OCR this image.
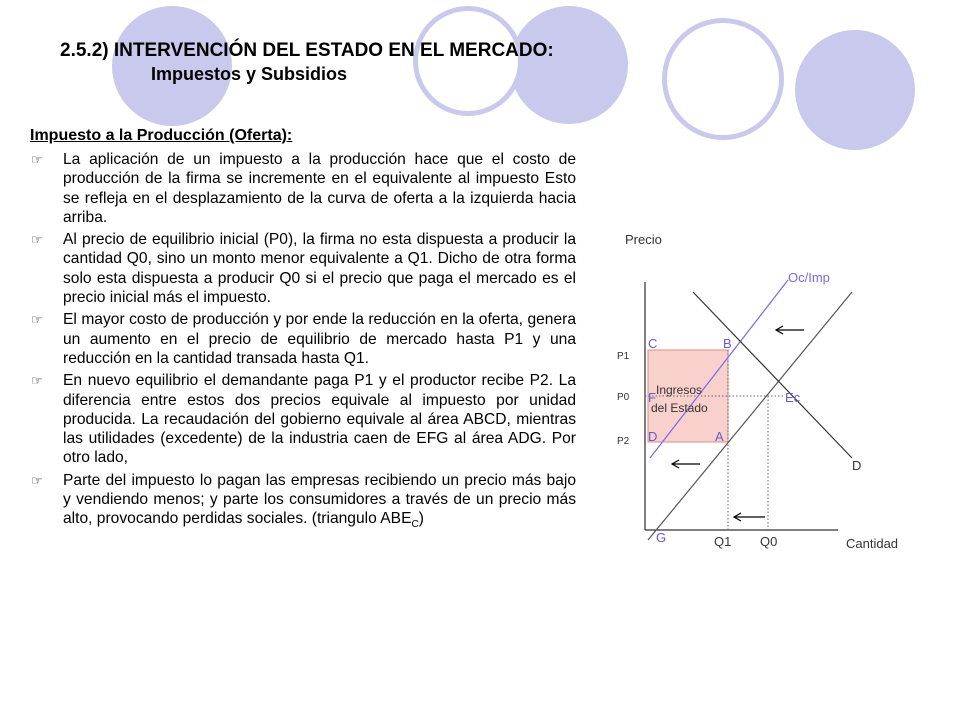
2.5.2) INTERVENCIÓN DEL ESTADO EN EL MERCADO:
Impuestos y Subsidios
Impuesto a la Producción (Oferta):
☞ La aplicación de un impuesto a la producción hace que el costo de producción de la firma se incremente en el equivalente al impuesto Esto se refleja en el desplazamiento de la curva de oferta a la izquierda hacia arriba.
☞ Al precio de equilibrio inicial (P0), la firma no esta dispuesta a producir la cantidad Q0, sino un monto menor equivalente a Q1. Dicho de otra forma solo esta dispuesta a producir Q0 si el precio que paga el mercado es el precio inicial más el impuesto.
☞ El mayor costo de producción y por ende la reducción en la oferta, genera un aumento en el precio de equilibrio de mercado hasta P1 y una reducción en la cantidad transada hasta Q1.
☞ En nuevo equilibrio el demandante paga P1 y el productor recibe P2. La diferencia entre estos dos precios equivale al impuesto por unidad producida. La recaudación del gobierno equivale al área ABCD, mientras las utilidades (excedente) de la industria caen de EFG al área ADG. Por otro lado,
☞ Parte del impuesto lo pagan las empresas recibiendo un precio más bajo y vendiendo menos; y parte los consumidores a través de un precio más alto, provocando perdidas sociales. (triangulo $ABE_C$)
Precio
Cantidad
Oc/Imp
D
Ec
P1
P0
P2
Q1 Q0
C	B
F
D	A
G
Ingresos
del Estado
